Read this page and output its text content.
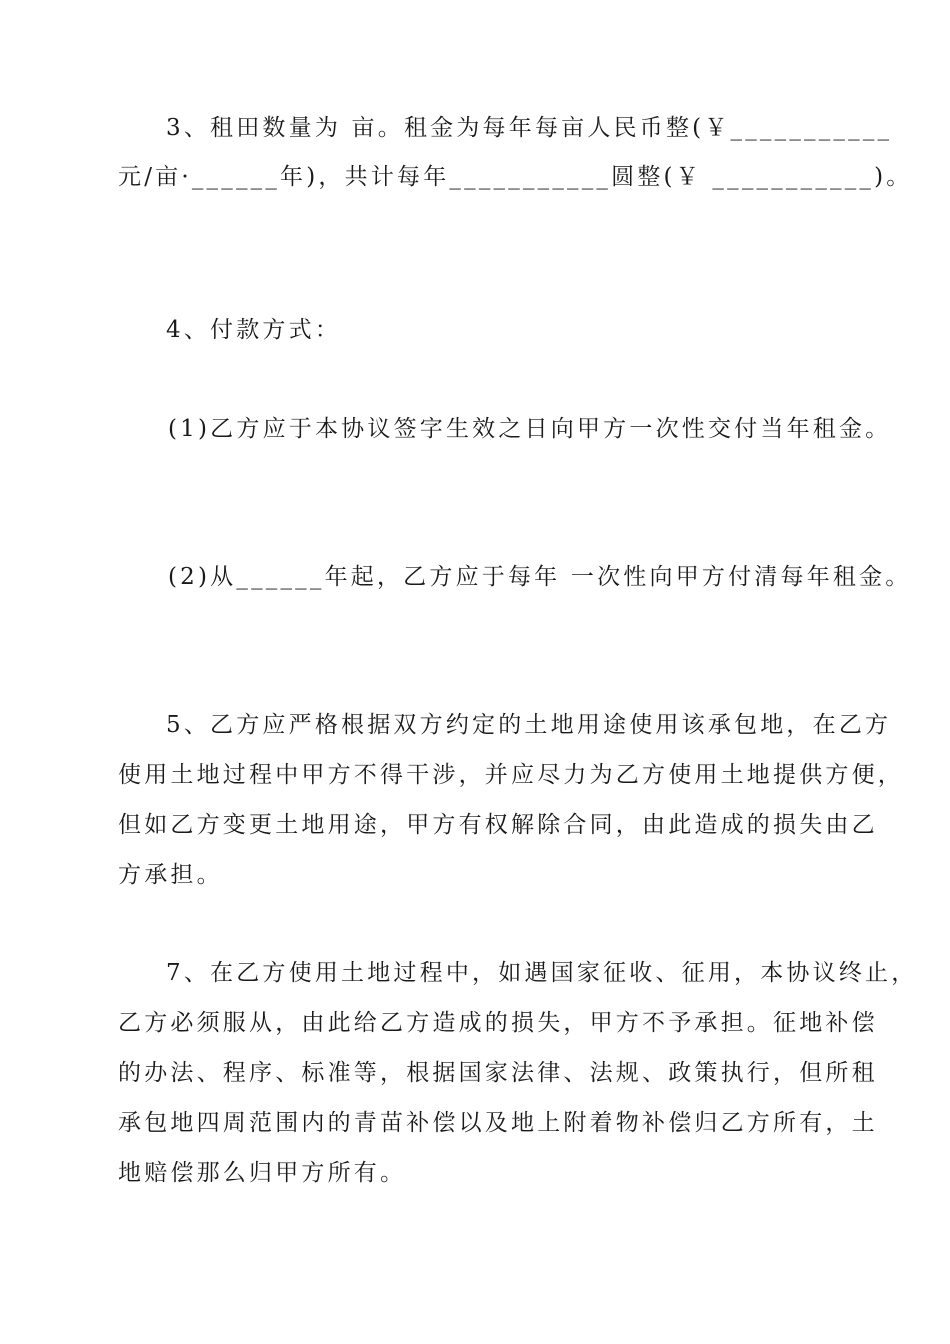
3、租田数量为 亩。租金为每年每亩人民币整(￥___________
元/亩·______年)，共计每年___________圆整(￥ ___________)。
4、付款方式：
(1)乙方应于本协议签字生效之日向甲方一次性交付当年租金。
(2)从______年起，乙方应于每年 一次性向甲方付清每年租金。
5、乙方应严格根据双方约定的土地用途使用该承包地，在乙方
使用土地过程中甲方不得干涉，并应尽力为乙方使用土地提供方便，
但如乙方变更土地用途，甲方有权解除合同，由此造成的损失由乙
方承担。
7、在乙方使用土地过程中，如遇国家征收、征用，本协议终止，
乙方必须服从，由此给乙方造成的损失，甲方不予承担。征地补偿
的办法、程序、标准等，根据国家法律、法规、政策执行，但所租
承包地四周范围内的青苗补偿以及地上附着物补偿归乙方所有，土
地赔偿那么归甲方所有。
